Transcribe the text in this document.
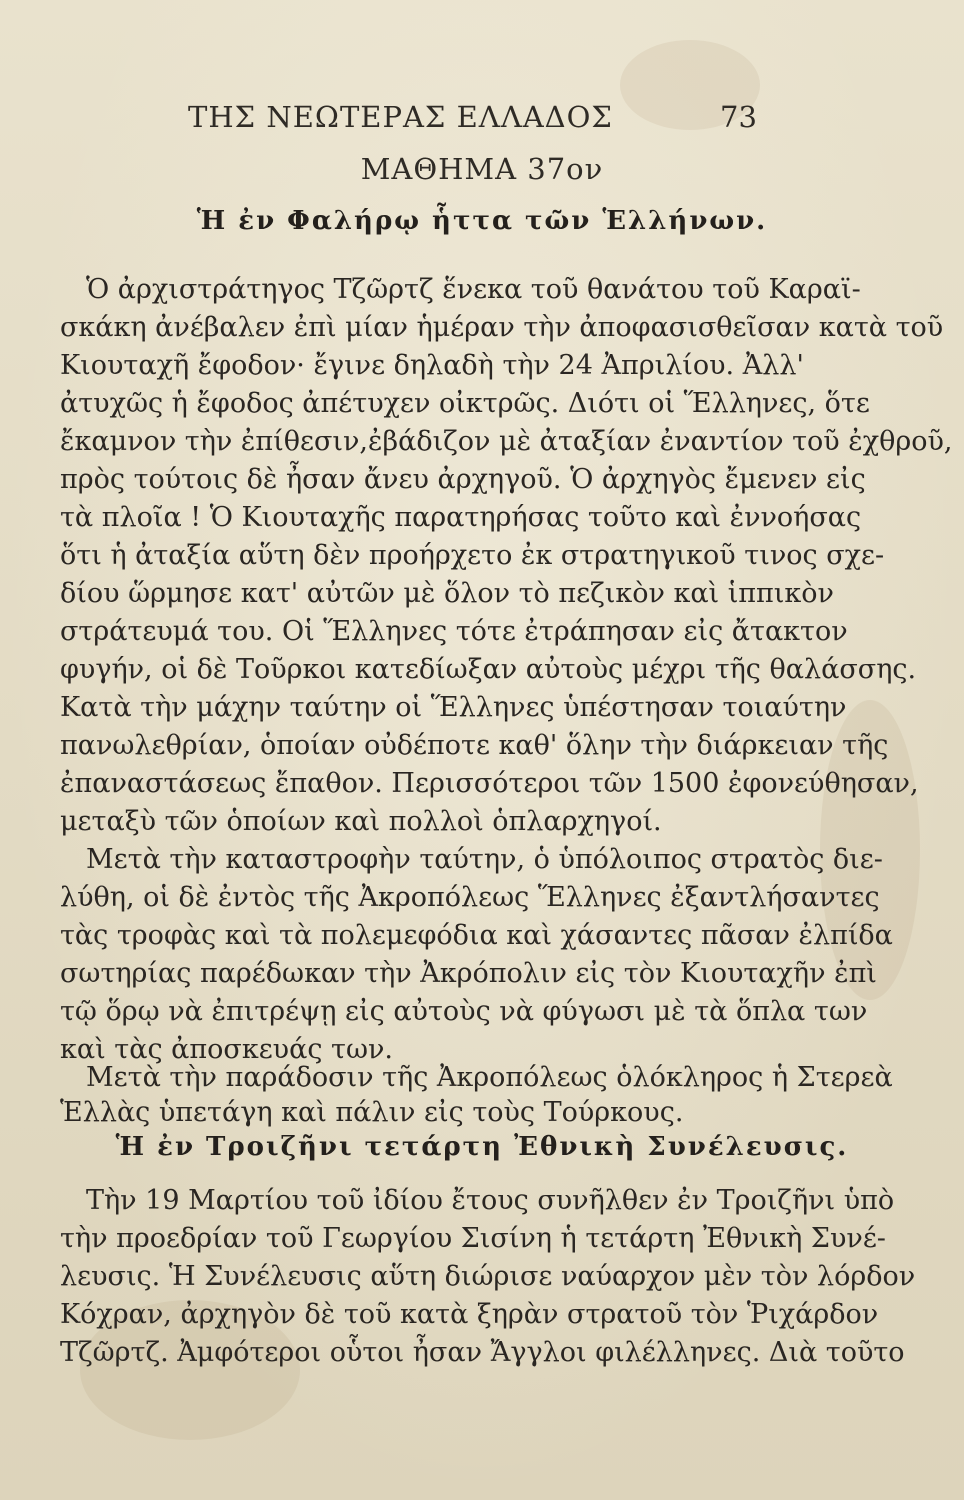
ΤΗΣ ΝΕΩΤΕΡΑΣ ΕΛΛΑΔΟΣ	73
ΜΑΘΗΜΑ 37ον
Ἡ ἐν Φαλήρῳ ἧττα τῶν Ἑλλήνων.
Ὁ ἀρχιστράτηγος Τζῶρτζ ἕνεκα τοῦ θανάτου τοῦ Καραϊ-
σκάκη ἀνέβαλεν ἐπὶ μίαν ἡμέραν τὴν ἀποφασισθεῖσαν κατὰ τοῦ
Κιουταχῆ ἔφοδον· ἔγινε δηλαδὴ τὴν 24 Ἀπριλίου. Ἀλλ'
ἀτυχῶς ἡ ἔφοδος ἀπέτυχεν οἰκτρῶς. Διότι οἱ Ἕλληνες, ὅτε
ἔκαμνον τὴν ἐπίθεσιν,ἐβάδιζον μὲ ἀταξίαν ἐναντίον τοῦ ἐχθροῦ,
πρὸς τούτοις δὲ ἦσαν ἄνευ ἀρχηγοῦ. Ὁ ἀρχηγὸς ἔμενεν εἰς
τὰ πλοῖα ! Ὁ Κιουταχῆς παρατηρήσας τοῦτο καὶ ἐννοήσας
ὅτι ἡ ἀταξία αὕτη δὲν προήρχετο ἐκ στρατηγικοῦ τινος σχε-
δίου ὥρμησε κατ' αὐτῶν μὲ ὅλον τὸ πεζικὸν καὶ ἱππικὸν
στράτευμά του. Οἱ Ἕλληνες τότε ἐτράπησαν εἰς ἄτακτον
φυγήν, οἱ δὲ Τοῦρκοι κατεδίωξαν αὐτοὺς μέχρι τῆς θαλάσσης.
Κατὰ τὴν μάχην ταύτην οἱ Ἕλληνες ὑπέστησαν τοιαύτην
πανωλεθρίαν, ὁποίαν οὐδέποτε καθ' ὅλην τὴν διάρκειαν τῆς
ἐπαναστάσεως ἔπαθον. Περισσότεροι τῶν 1500 ἐφονεύθησαν,
μεταξὺ τῶν ὁποίων καὶ πολλοὶ ὁπλαρχηγοί.
Μετὰ τὴν καταστροφὴν ταύτην, ὁ ὑπόλοιπος στρατὸς διε-
λύθη, οἱ δὲ ἐντὸς τῆς Ἀκροπόλεως Ἕλληνες ἐξαντλήσαντες
τὰς τροφὰς καὶ τὰ πολεμεφόδια καὶ χάσαντες πᾶσαν ἐλπίδα
σωτηρίας παρέδωκαν τὴν Ἀκρόπολιν εἰς τὸν Κιουταχῆν ἐπὶ
τῷ ὅρῳ νὰ ἐπιτρέψῃ εἰς αὐτοὺς νὰ φύγωσι μὲ τὰ ὅπλα των
καὶ τὰς ἀποσκευάς των.
Μετὰ τὴν παράδοσιν τῆς Ἀκροπόλεως ὁλόκληρος ἡ Στερεὰ
Ἑλλὰς ὑπετάγη καὶ πάλιν εἰς τοὺς Τούρκους.
Ἡ ἐν Τροιζῆνι τετάρτη Ἐθνικὴ Συνέλευσις.
Τὴν 19 Μαρτίου τοῦ ἰδίου ἔτους συνῆλθεν ἐν Τροιζῆνι ὑπὸ
τὴν προεδρίαν τοῦ Γεωργίου Σισίνη ἡ τετάρτη Ἐθνικὴ Συνέ-
λευσις. Ἡ Συνέλευσις αὕτη διώρισε ναύαρχον μὲν τὸν λόρδον
Κόχραν, ἀρχηγὸν δὲ τοῦ κατὰ ξηρὰν στρατοῦ τὸν Ῥιχάρδον
Τζῶρτζ. Ἀμφότεροι οὗτοι ἦσαν Ἄγγλοι φιλέλληνες. Διὰ τοῦτο
